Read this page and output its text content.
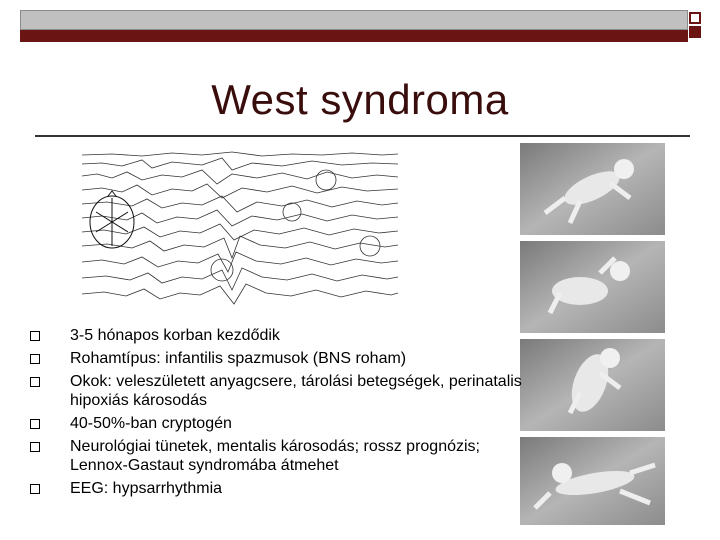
West syndroma
3-5 hónapos korban kezdődik
Rohamtípus: infantilis spazmusok (BNS roham)
Okok: veleszületett anyagcsere, tárolási betegségek, perinatalis hipoxiás károsodás
40-50%-ban cryptogén
Neurológiai tünetek, mentalis károsodás; rossz prognózis; Lennox-Gastaut syndromába átmehet
EEG: hypsarrhythmia
